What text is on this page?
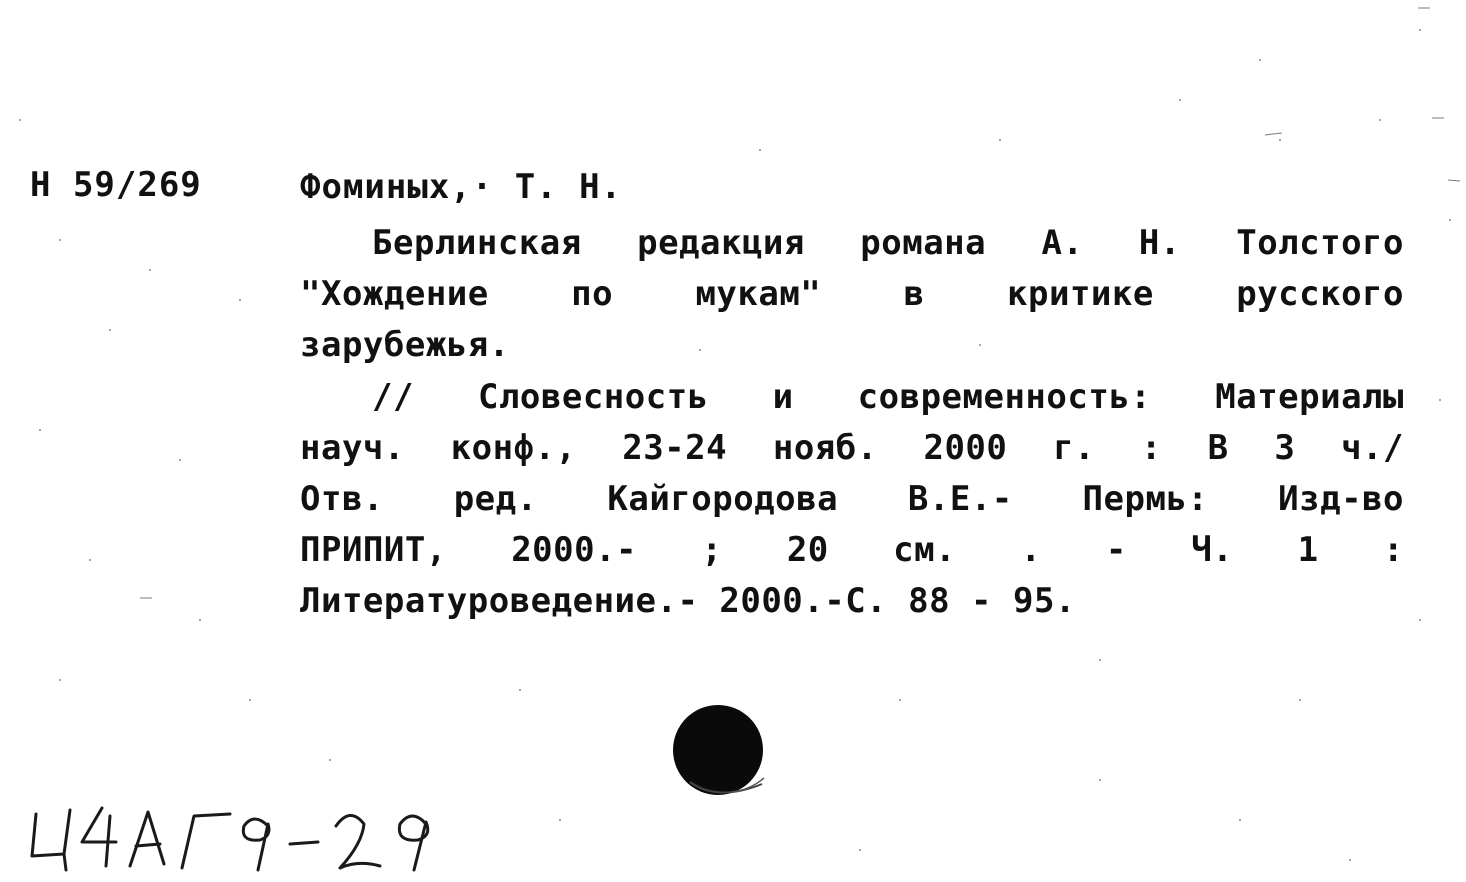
Н 59/269	Фоминых,· Т. Н.
Берлинская редакция романа А. Н. Толстого
"Хождение по мукам" в критике русского
зарубежья.
// Словесность и современность: Материалы
науч. конф., 23-24 нояб. 2000 г. : В 3 ч./
Отв. ред. Кайгородова В.Е.- Пермь: Изд-во
ПРИПИТ, 2000.- ; 20 см. . - Ч. 1 :
Литературоведение.- 2000.-С. 88 - 95.
